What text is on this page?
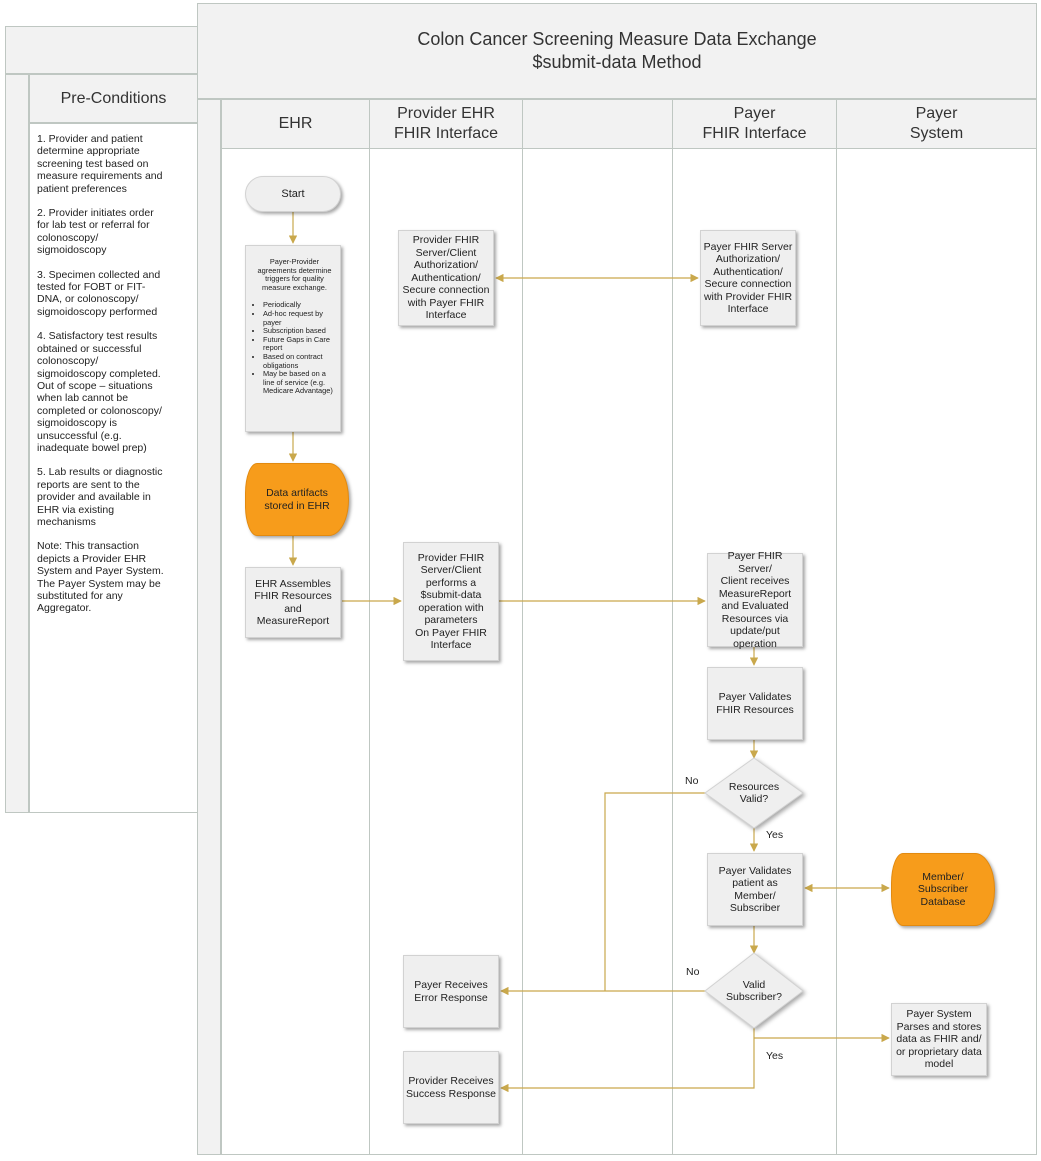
Pre-Conditions

1. Provider and patient determine appropriate screening test based on measure requirements and patient preferences

2. Provider initiates order for lab test or referral for colonoscopy/ sigmoidoscopy

3. Specimen collected and tested for FOBT or FIT-DNA, or colonoscopy/ sigmoidoscopy performed

4. Satisfactory test results obtained or successful colonoscopy/ sigmoidoscopy completed. Out of scope – situations when lab cannot be completed or colonoscopy/ sigmoidoscopy is unsuccessful (e.g. inadequate bowel prep)

5. Lab results or diagnostic reports are sent to the provider and available in EHR via existing mechanisms

Note: This transaction depicts a Provider EHR System and Payer System. The Payer System may be substituted for any Aggregator.

Colon Cancer Screening Measure Data Exchange
$submit-data Method
EHR
Provider EHR
FHIR Interface
Payer
FHIR Interface
Payer
System
Start
Payer-Provider agreements determine triggers for quality measure exchange.
• Periodically
• Ad-hoc request by payer
• Subscription based
• Future Gaps in Care report
• Based on contract obligations
• May be based on a line of service (e.g. Medicare Advantage)
Data artifacts
stored in EHR
EHR Assembles
FHIR Resources
and
MeasureReport
Provider FHIR
Server/Client
Authorization/
Authentication/
Secure connection
with Payer FHIR
Interface
Payer FHIR Server
Authorization/
Authentication/
Secure connection
with Provider FHIR
Interface
Provider FHIR
Server/Client
performs a
$submit-data
operation with
parameters
On Payer FHIR
Interface
Payer FHIR Server/
Client receives
MeasureReport
and Evaluated
Resources via
update/put
operation
Payer Validates
FHIR Resources
Resources
Valid?
Valid
Subscriber?
Payer Validates
patient as
Member/
Subscriber
Member/
Subscriber
Database
Payer Receives
Error Response
Provider Receives
Success Response
Payer System
Parses and stores
data as FHIR and/
or proprietary data
model
No
Yes
No
Yes
